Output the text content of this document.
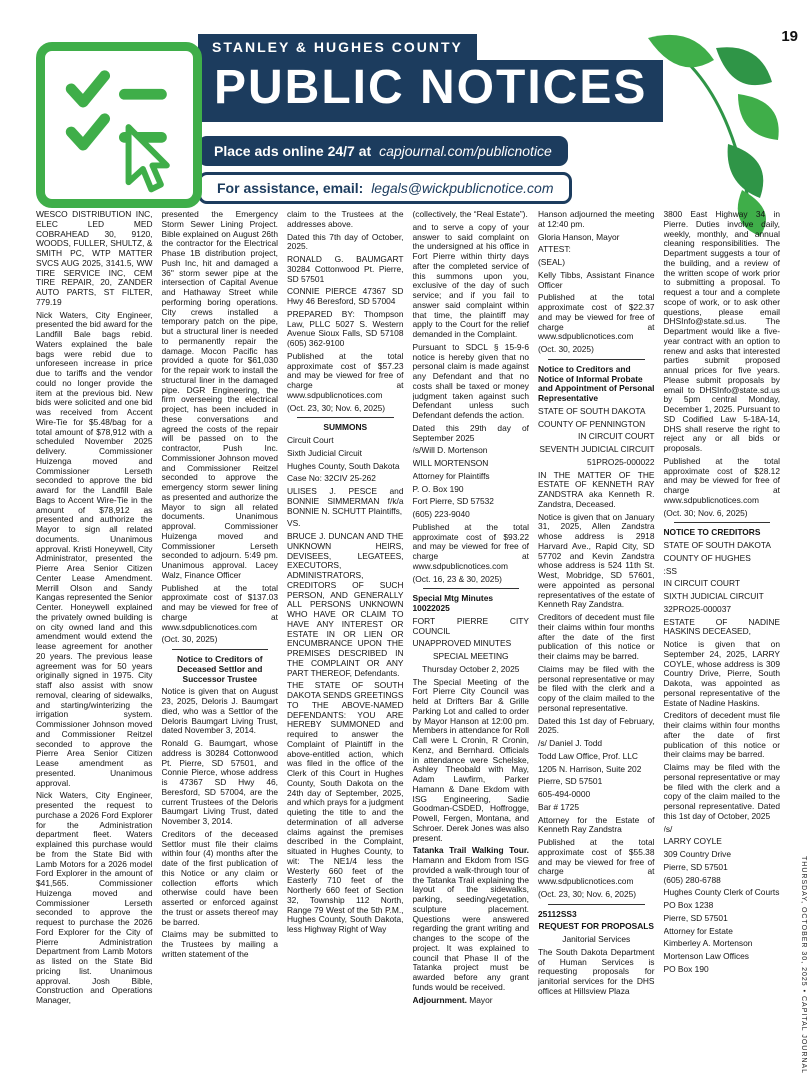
19
STANLEY & HUGHES COUNTY
PUBLIC NOTICES
Place ads online 24/7 at capjournal.com/publicnotice
For assistance, email: legals@wickpublicnotice.com
WESCO DISTRIBUTION INC, ELEC LED MED COBRAHEAD 30, 9120, WOODS, FULLER, SHULTZ, & SMITH PC, WTP MATTER SVCS AUG 2025, 3141.5, WW TIRE SERVICE INC, CEM TIRE REPAIR, 20, ZANDER AUTO PARTS, ST FILTER, 779.19
Nick Waters, City Engineer, presented the bid award for the Landfill Bale bags rebid. Waters explained the bale bags were rebid due to unforeseen increase in price due to tariffs and the vendor could no longer provide the item at the previous bid. New bids were solicited and one bid was received from Accent Wire-Tie for $5.48/bag for a total amount of $78,912 with a scheduled November 2025 delivery. Commissioner Huizenga moved and Commissioner Lerseth seconded to approve the bid award for the Landfill Bale Bags to Accent Wire-Tie in the amount of $78,912 as presented and authorize the Mayor to sign all related documents. Unanimous approval. Kristi Honeywell, City Administrator, presented the Pierre Area Senior Citizen Center Lease Amendment. Merrill Olson and Sandy Kangas represented the Senior Center. Honeywell explained the privately owned building is on city owned land and this amendment would extend the lease agreement for another 20 years. The previous lease agreement was for 50 years originally signed in 1975. City staff also assist with snow removal, clearing of sidewalks, and starting/winterizing the irrigation system. Commissioner Johnson moved and Commissioner Reitzel seconded to approve the Pierre Area Senior Citizen Lease amendment as presented. Unanimous approval.
Nick Waters, City Engineer, presented the request to purchase a 2026 Ford Explorer for the Administration department fleet. Waters explained this purchase would be from the State Bid with Lamb Motors for a 2026 model Ford Explorer in the amount of $41,565. Commissioner Huizenga moved and Commissioner Lerseth seconded to approve the request to purchase the 2026 Ford Explorer for the City of Pierre Administration Department from Lamb Motors as listed on the State Bid pricing list. Unanimous approval. Josh Bible, Construction and Operations Manager,
presented the Emergency Storm Sewer Lining Project. Bible explained on August 26th the contractor for the Electrical Phase 1B distribution project, Push Inc, hit and damaged a 36" storm sewer pipe at the intersection of Capital Avenue and Hathaway Street while performing boring operations. City crews installed a temporary patch on the pipe, but a structural liner is needed to permanently repair the damage. Mocon Pacific has provided a quote for $61,030 for the repair work to install the structural liner in the damaged pipe. DGR Engineering, the firm overseeing the electrical project, has been included in these conversations and agreed the costs of the repair will be passed on to the contractor, Push Inc. Commissioner Johnson moved and Commissioner Reitzel seconded to approve the emergency storm sewer lining as presented and authorize the Mayor to sign all related documents. Unanimous approval. Commissioner Huizenga moved and Commissioner Lerseth seconded to adjourn. 5:49 pm. Unanimous approval. Lacey Walz, Finance Officer
Published at the total approximate cost of $137.03 and may be viewed for free of charge at www.sdpublicnotices.com
(Oct. 30, 2025)
Notice to Creditors of Deceased Settlor and Successor Trustee
Notice is given that on August 23, 2025, Deloris J. Baumgart died, who was a Settlor of the Deloris Baumgart Living Trust, dated November 3, 2014.
Ronald G. Baumgart, whose address is 30284 Cottonwood Pt. Pierre, SD 57501, and Connie Pierce, whose address is 47367 SD Hwy 46, Beresford, SD 57004, are the current Trustees of the Deloris Baumgart Living Trust, dated November 3, 2014.
Creditors of the deceased Settlor must file their claims within four (4) months after the date of the first publication of this Notice or any claim or collection efforts which otherwise could have been asserted or enforced against the trust or assets thereof may be barred.
Claims may be submitted to the Trustees by mailing a written statement of the
claim to the Trustees at the addresses above.
Dated this 7th day of October, 2025.
RONALD G. BAUMGART 30284 Cottonwood Pt. Pierre, SD 57501
CONNIE PIERCE 47367 SD Hwy 46 Beresford, SD 57004
PREPARED BY: Thompson Law, PLLC 5027 S. Western Avenue Sioux Falls, SD 57108 (605) 362-9100
Published at the total approximate cost of $57.23 and may be viewed for free of charge at www.sdpublicnotices.com
(Oct. 23, 30; Nov. 6, 2025)
SUMMONS
Circuit Court
Sixth Judicial Circuit
Hughes County, South Dakota
Case No: 32CIV 25-262
ULISES J. PESCE and BONNIE SIMMERMAN f/k/a BONNIE N. SCHUTT Plaintiffs,
VS.
BRUCE J. DUNCAN AND THE UNKNOWN HEIRS, DEVISEES, LEGATEES, EXECUTORS, ADMINISTRATORS, CREDITORS OF SUCH PERSON, AND GENERALLY ALL PERSONS UNKNOWN WHO HAVE OR CLAIM TO HAVE ANY INTEREST OR ESTATE IN OR LIEN OR ENCUMBRANCE UPON THE PREMISES DESCRIBED IN THE COMPLAINT OR ANY PART THEREOF, Defendants.
THE STATE OF SOUTH DAKOTA SENDS GREETINGS TO THE ABOVE-NAMED DEFENDANTS: YOU ARE HEREBY SUMMONED and required to answer the Complaint of Plaintiff in the above-entitled action, which was filed in the office of the Clerk of this Court in Hughes County, South Dakota on the 24th day of September, 2025, and which prays for a judgment quieting the title to and the determination of all adverse claims against the premises described in the Complaint, situated in Hughes County, to wit: The NE1/4 less the Westerly 660 feet of the Easterly 710 feet of the Northerly 660 feet of Section 32, Township 112 North, Range 79 West of the 5th P.M., Hughes County, South Dakota, less Highway Right of Way
(collectively, the “Real Estate”).
and to serve a copy of your answer to said complaint on the undersigned at his office in Fort Pierre within thirty days after the completed service of this summons upon you, exclusive of the day of such service; and if you fail to answer said complaint within that time, the plaintiff may apply to the Court for the relief demanded in the Complaint.
Pursuant to SDCL § 15-9-6 notice is hereby given that no personal claim is made against any Defendant and that no costs shall be taxed or money judgment taken against such Defendant unless such Defendant defends the action.
Dated this 29th day of September 2025
/s/Will D. Mortenson
WILL MORTENSON
Attorney for Plaintiffs
P. O. Box 190
Fort Pierre, SD 57532
(605) 223-9040
Published at the total approximate cost of $93.22 and may be viewed for free of charge at www.sdpublicnotices.com
(Oct. 16, 23 & 30, 2025)
Special Mtg Minutes 10022025
FORT PIERRE CITY COUNCIL
UNAPPROVED MINUTES
SPECIAL MEETING
Thursday October 2, 2025
The Special Meeting of the Fort Pierre City Council was held at Drifters Bar & Grille Parking Lot and called to order by Mayor Hanson at 12:00 pm. Members in attendance for Roll Call were L Cronin, R Cronin, Kenz, and Bernhard. Officials in attendance were Schelske, Ashley Theobald with May, Adam Lawfirm, Parker Hamann & Dane Ekdom with ISG Engineering, Sadie Goodman-CSDED, Hoffrogge, Powell, Fergen, Montana, and Schroer. Derek Jones was also present.
Tatanka Trail Walking Tour. Hamann and Ekdom from ISG provided a walk-through tour of the Tatanka Trail explaining the layout of the sidewalks, parking, seeding/vegetation, sculpture placement. Questions were answered regarding the grant writing and changes to the scope of the project. It was explained to council that Phase II of the Tatanka project must be awarded before any grant funds would be received.
Adjournment. Mayor
Hanson adjourned the meeting at 12:40 pm.
Gloria Hanson, Mayor
ATTEST:
(SEAL)
Kelly Tibbs, Assistant Finance Officer
Published at the total approximate cost of $22.37 and may be viewed for free of charge at www.sdpublicnotices.com
(Oct. 30, 2025)
Notice to Creditors and Notice of Informal Probate and Appointment of Personal Representative
STATE OF SOUTH DAKOTA
COUNTY OF PENNINGTON
IN CIRCUIT COURT
SEVENTH JUDICIAL CIRCUIT
51PRO25-000022
IN THE MATTER OF THE ESTATE OF KENNETH RAY ZANDSTRA aka Kenneth R. Zandstra, Deceased.
Notice is given that on January 31, 2025, Allen Zandstra whose address is 2918 Harvard Ave., Rapid City, SD 57702 and Kevin Zandstra whose address is 524 11th St. West, Mobridge, SD 57601, were appointed as personal representatives of the estate of Kenneth Ray Zandstra.
Creditors of decedent must file their claims within four months after the date of the first publication of this notice or their claims may be barred.
Claims may be filed with the personal representative or may be filed with the clerk and a copy of the claim mailed to the personal representative.
Dated this 1st day of February, 2025.
/s/ Daniel J. Todd
Todd Law Office, Prof. LLC
1205 N. Harrison, Suite 202
Pierre, SD 57501
605-494-0000
Bar # 1725
Attorney for the Estate of Kenneth Ray Zandstra
Published at the total approximate cost of $55.38 and may be viewed for free of charge at www.sdpublicnotices.com
(Oct. 23, 30; Nov. 6, 2025)
25112SS3
REQUEST FOR PROPOSALS
Janitorial Services
The South Dakota Department of Human Services is requesting proposals for janitorial services for the DHS offices at Hillsview Plaza
3800 East Highway 34 in Pierre. Duties involve daily, weekly, monthly, and annual cleaning responsibilities. The Department suggests a tour of the building, and a review of the written scope of work prior to submitting a proposal. To request a tour and a complete scope of work, or to ask other questions, please email DHSInfo@state.sd.us. The Department would like a five-year contract with an option to renew and asks that interested parties submit proposed annual prices for five years. Please submit proposals by email to DHSInfo@state.sd.us by 5pm central Monday, December 1, 2025. Pursuant to SD Codified Law 5-18A-14, DHS shall reserve the right to reject any or all bids or proposals.
Published at the total approximate cost of $28.12 and may be viewed for free of charge at www.sdpublicnotices.com
(Oct. 30; Nov. 6, 2025)
NOTICE TO CREDITORS
STATE OF SOUTH DAKOTA
COUNTY OF HUGHES
:SS
IN CIRCUIT COURT
SIXTH JUDICIAL CIRCUIT
32PRO25-000037
ESTATE OF NADINE HASKINS DECEASED,
Notice is given that on September 24, 2025, LARRY COYLE, whose address is 309 Country Drive, Pierre, South Dakota, was appointed as personal representative of the Estate of Nadine Haskins.
Creditors of decedent must file their claims within four months after the date of first publication of this notice or their claims may be barred.
Claims may be filed with the personal representative or may be filed with the clerk and a copy of the claim mailed to the personal representative. Dated this 1st day of October, 2025
/s/
LARRY COYLE
309 Country Drive
Pierre, SD 57501
(605) 280-6788
Hughes County Clerk of Courts
PO Box 1238
Pierre, SD 57501
Attorney for Estate
Kimberley A. Mortenson
Mortenson Law Offices
PO Box 190	THURSDAY, OCTOBER 30, 2025 • CAPITAL JOURNAL
